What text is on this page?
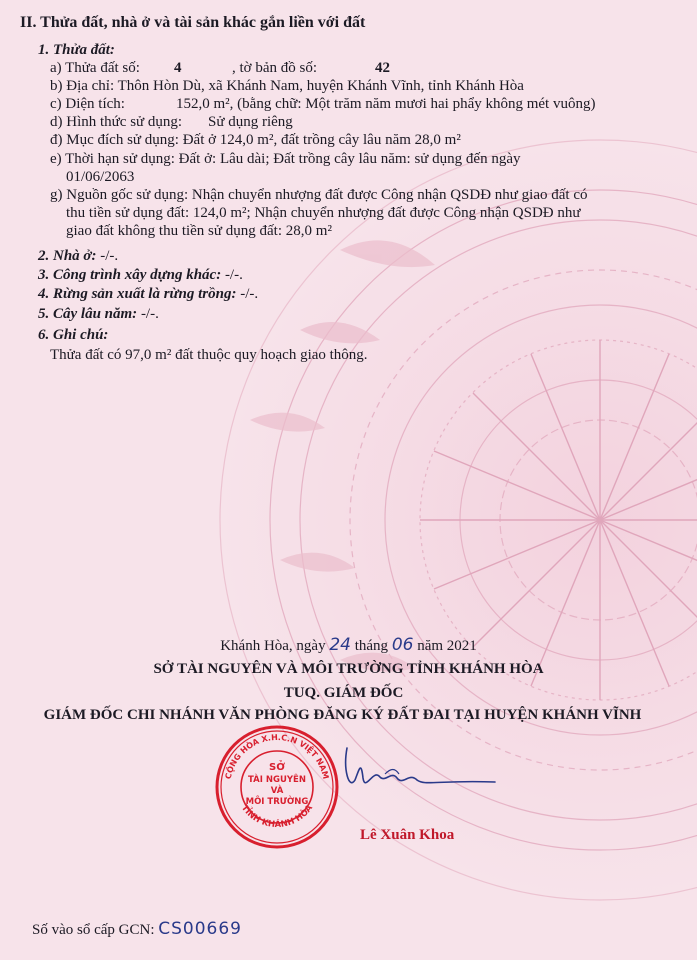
II. Thửa đất, nhà ở và tài sản khác gắn liền với đất
1. Thửa đất:
a) Thửa đất số: 4	, tờ bản đồ số:	42
b) Địa chỉ: Thôn Hòn Dù, xã Khánh Nam, huyện Khánh Vĩnh, tỉnh Khánh Hòa
c) Diện tích:	152,0 m², (bằng chữ: Một trăm năm mươi hai phẩy không mét vuông)
d) Hình thức sử dụng: Sử dụng riêng
đ) Mục đích sử dụng: Đất ở 124,0 m², đất trồng cây lâu năm 28,0 m²
e) Thời hạn sử dụng: Đất ở: Lâu dài; Đất trồng cây lâu năm: sử dụng đến ngày
01/06/2063
g) Nguồn gốc sử dụng: Nhận chuyển nhượng đất được Công nhận QSDĐ như giao đất có
thu tiền sử dụng đất: 124,0 m²; Nhận chuyển nhượng đất được Công nhận QSDĐ như
giao đất không thu tiền sử dụng đất: 28,0 m²
2. Nhà ở: -/-.
3. Công trình xây dựng khác: -/-.
4. Rừng sản xuất là rừng trồng: -/-.
5. Cây lâu năm: -/-.
6. Ghi chú:
Thửa đất có 97,0 m² đất thuộc quy hoạch giao thông.
Khánh Hòa, ngày 24 tháng 06 năm 2021
SỞ TÀI NGUYÊN VÀ MÔI TRƯỜNG TỈNH KHÁNH HÒA
TUQ. GIÁM ĐỐC
GIÁM ĐỐC CHI NHÁNH VĂN PHÒNG ĐĂNG KÝ ĐẤT ĐAI TẠI HUYỆN KHÁNH VĨNH
CỘNG HÒA X.H.C.N VIỆT NAM
TỈNH KHÁNH HÒA
SỞ
TÀI NGUYÊN
VÀ
MÔI TRƯỜNG
Lê Xuân Khoa
Số vào sổ cấp GCN: CS00669
